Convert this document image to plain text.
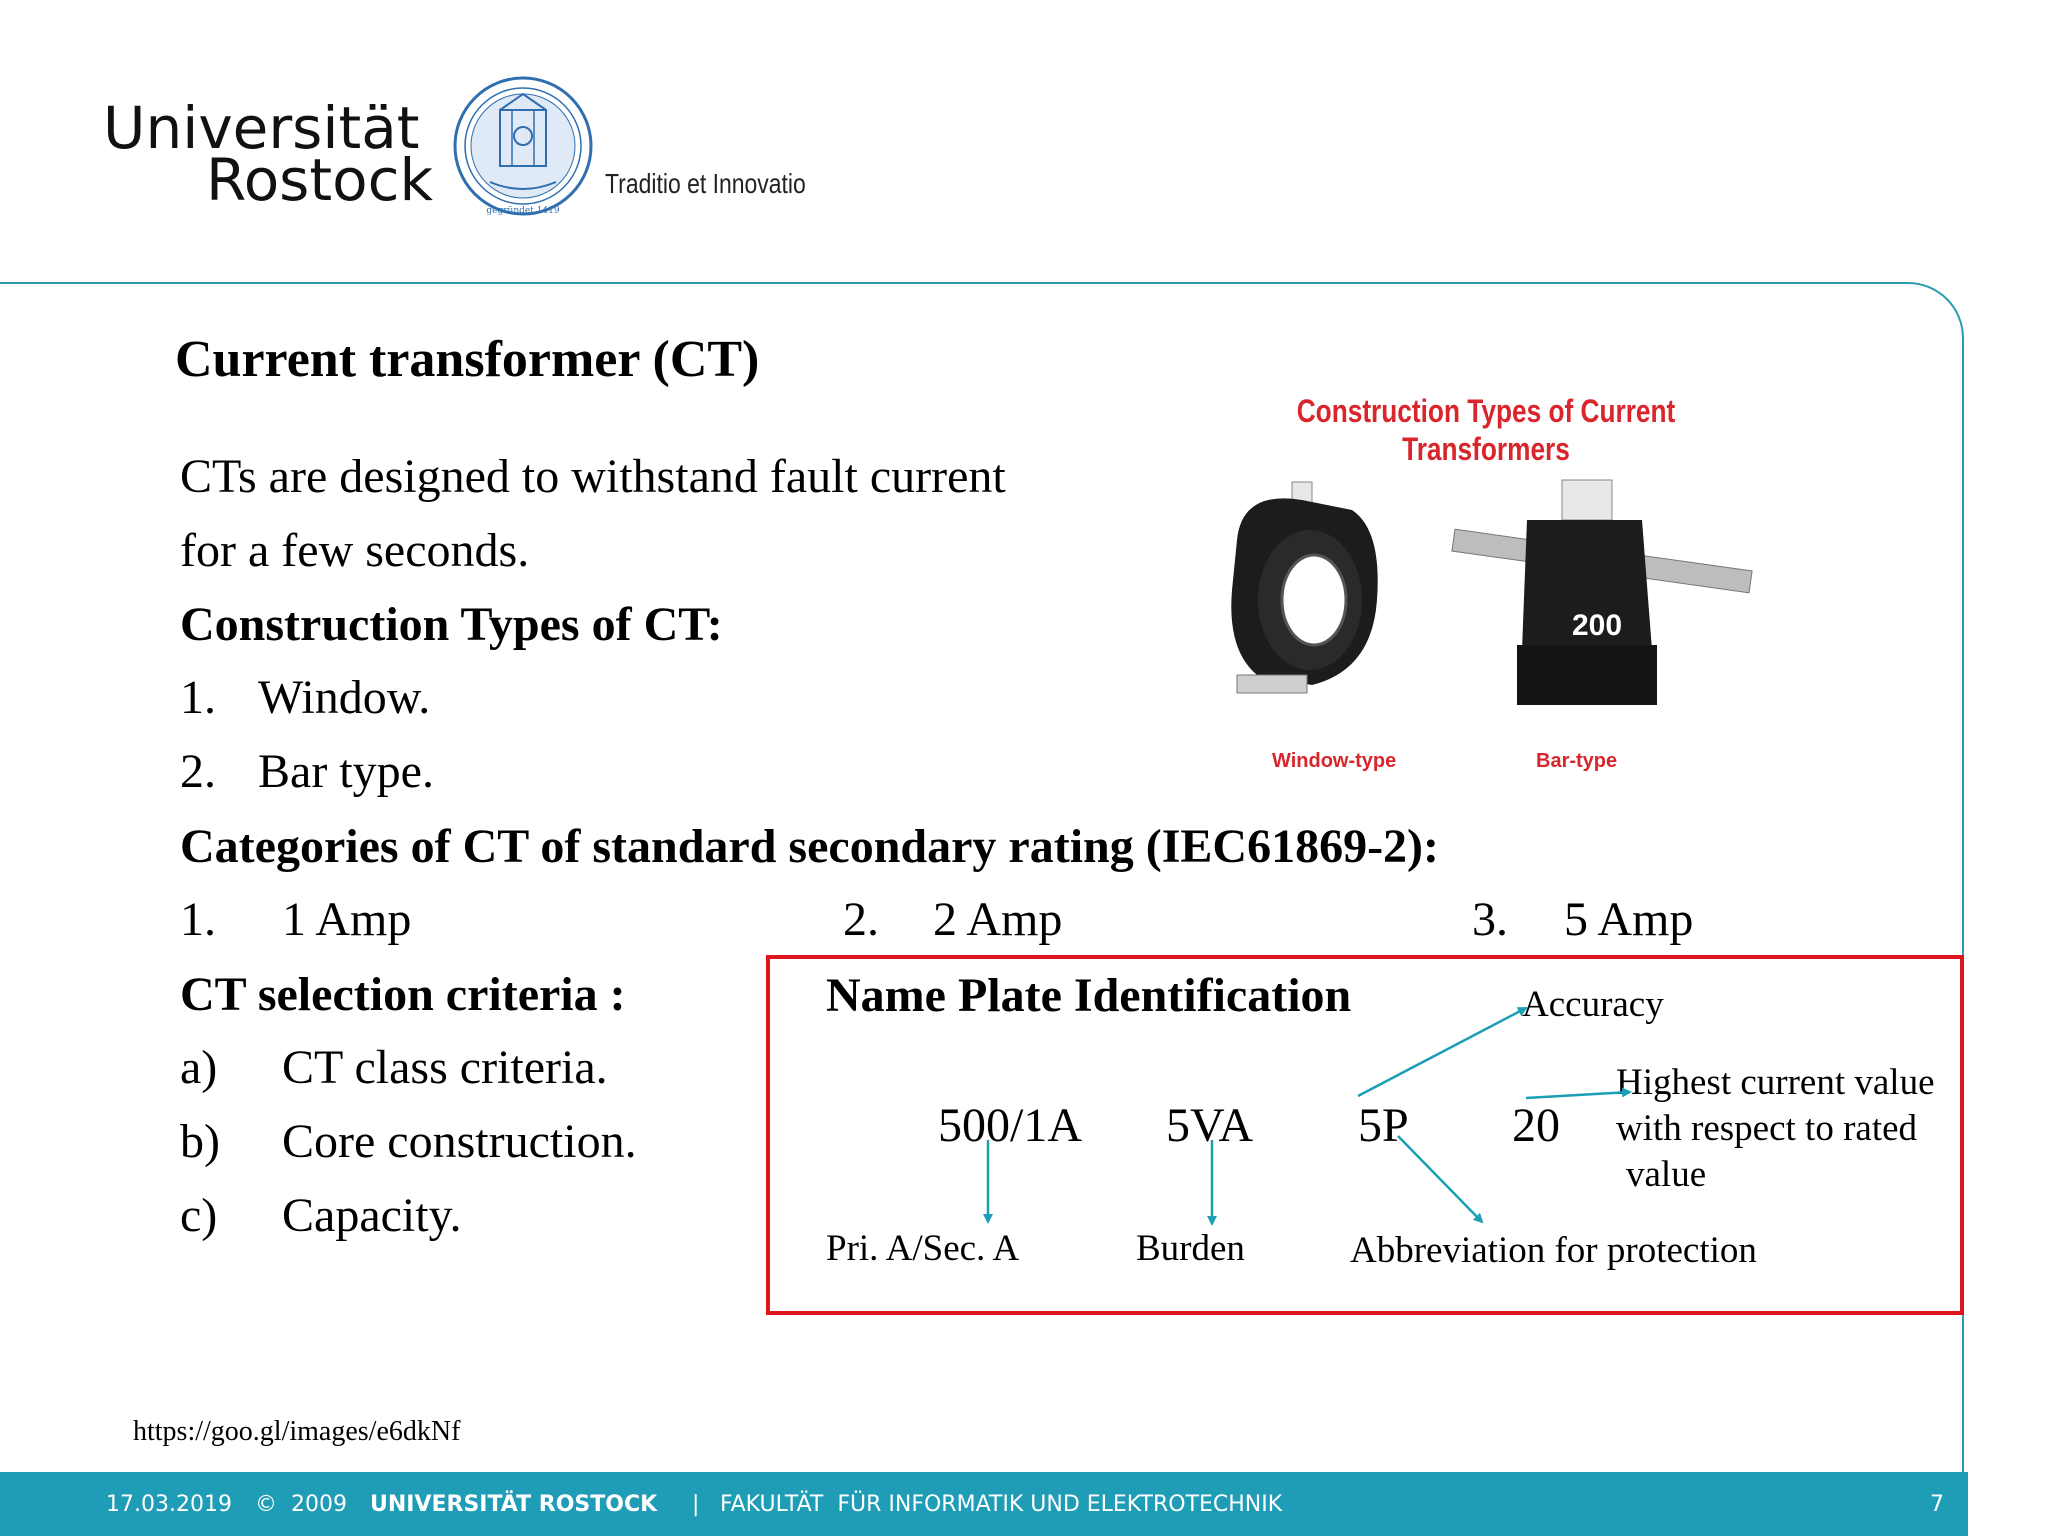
Universität
Rostock	gegründet 1419
Traditio et Innovatio
Current transformer (CT)
CTs are designed to withstand fault current
for a few seconds.
Construction Types of CT:
1. Window.
2. Bar type.
Categories of CT of standard secondary rating (IEC61869-2):
1. 1 Amp	2. 2 Amp	3. 5 Amp
CT selection criteria :
a) CT class criteria.
b) Core construction.
c) Capacity.
https://goo.gl/images/e6dkNf
Construction Types of Current
Transformers
200
Window-type	Bar-type
Name Plate Identification
500/1A 5VA 5P 20
Accuracy
Highest current value
with respect to rated
value
Pri. A/Sec. A	Burden	Abbreviation for protection
17.03.2019 ©  2009 UNIVERSITÄT ROSTOCK | FAKULTÄT  FÜR INFORMATIK UND ELEKTROTECHNIK	7
